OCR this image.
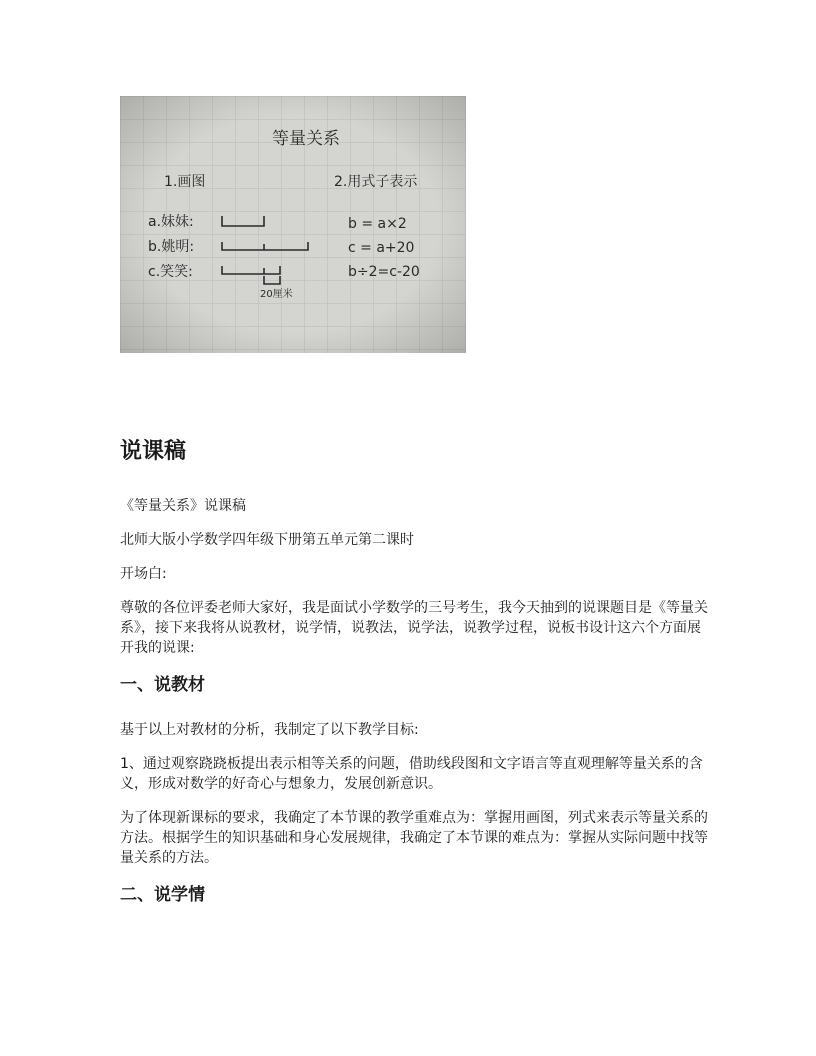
等量关系
1.画图	2.用式子表示
a.妹妹:
b.姚明:
c.笑笑:
20厘米
b = a×2
c = a+20
b÷2=c-20
说课稿

《等量关系》说课稿

北师大版小学数学四年级下册第五单元第二课时

开场白:

尊敬的各位评委老师大家好，我是面试小学数学的三号考生，我今天抽到的说课题目是《等量关系》，接下来我将从说教材，说学情，说教法，说学法，说教学过程，说板书设计这六个方面展开我的说课:

一、说教材

基于以上对教材的分析，我制定了以下教学目标:

1、通过观察跷跷板提出表示相等关系的问题，借助线段图和文字语言等直观理解等量关系的含义，形成对数学的好奇心与想象力，发展创新意识。

为了体现新课标的要求，我确定了本节课的教学重难点为：掌握用画图，列式来表示等量关系的方法。根据学生的知识基础和身心发展规律，我确定了本节课的难点为：掌握从实际问题中找等量关系的方法。

二、说学情
